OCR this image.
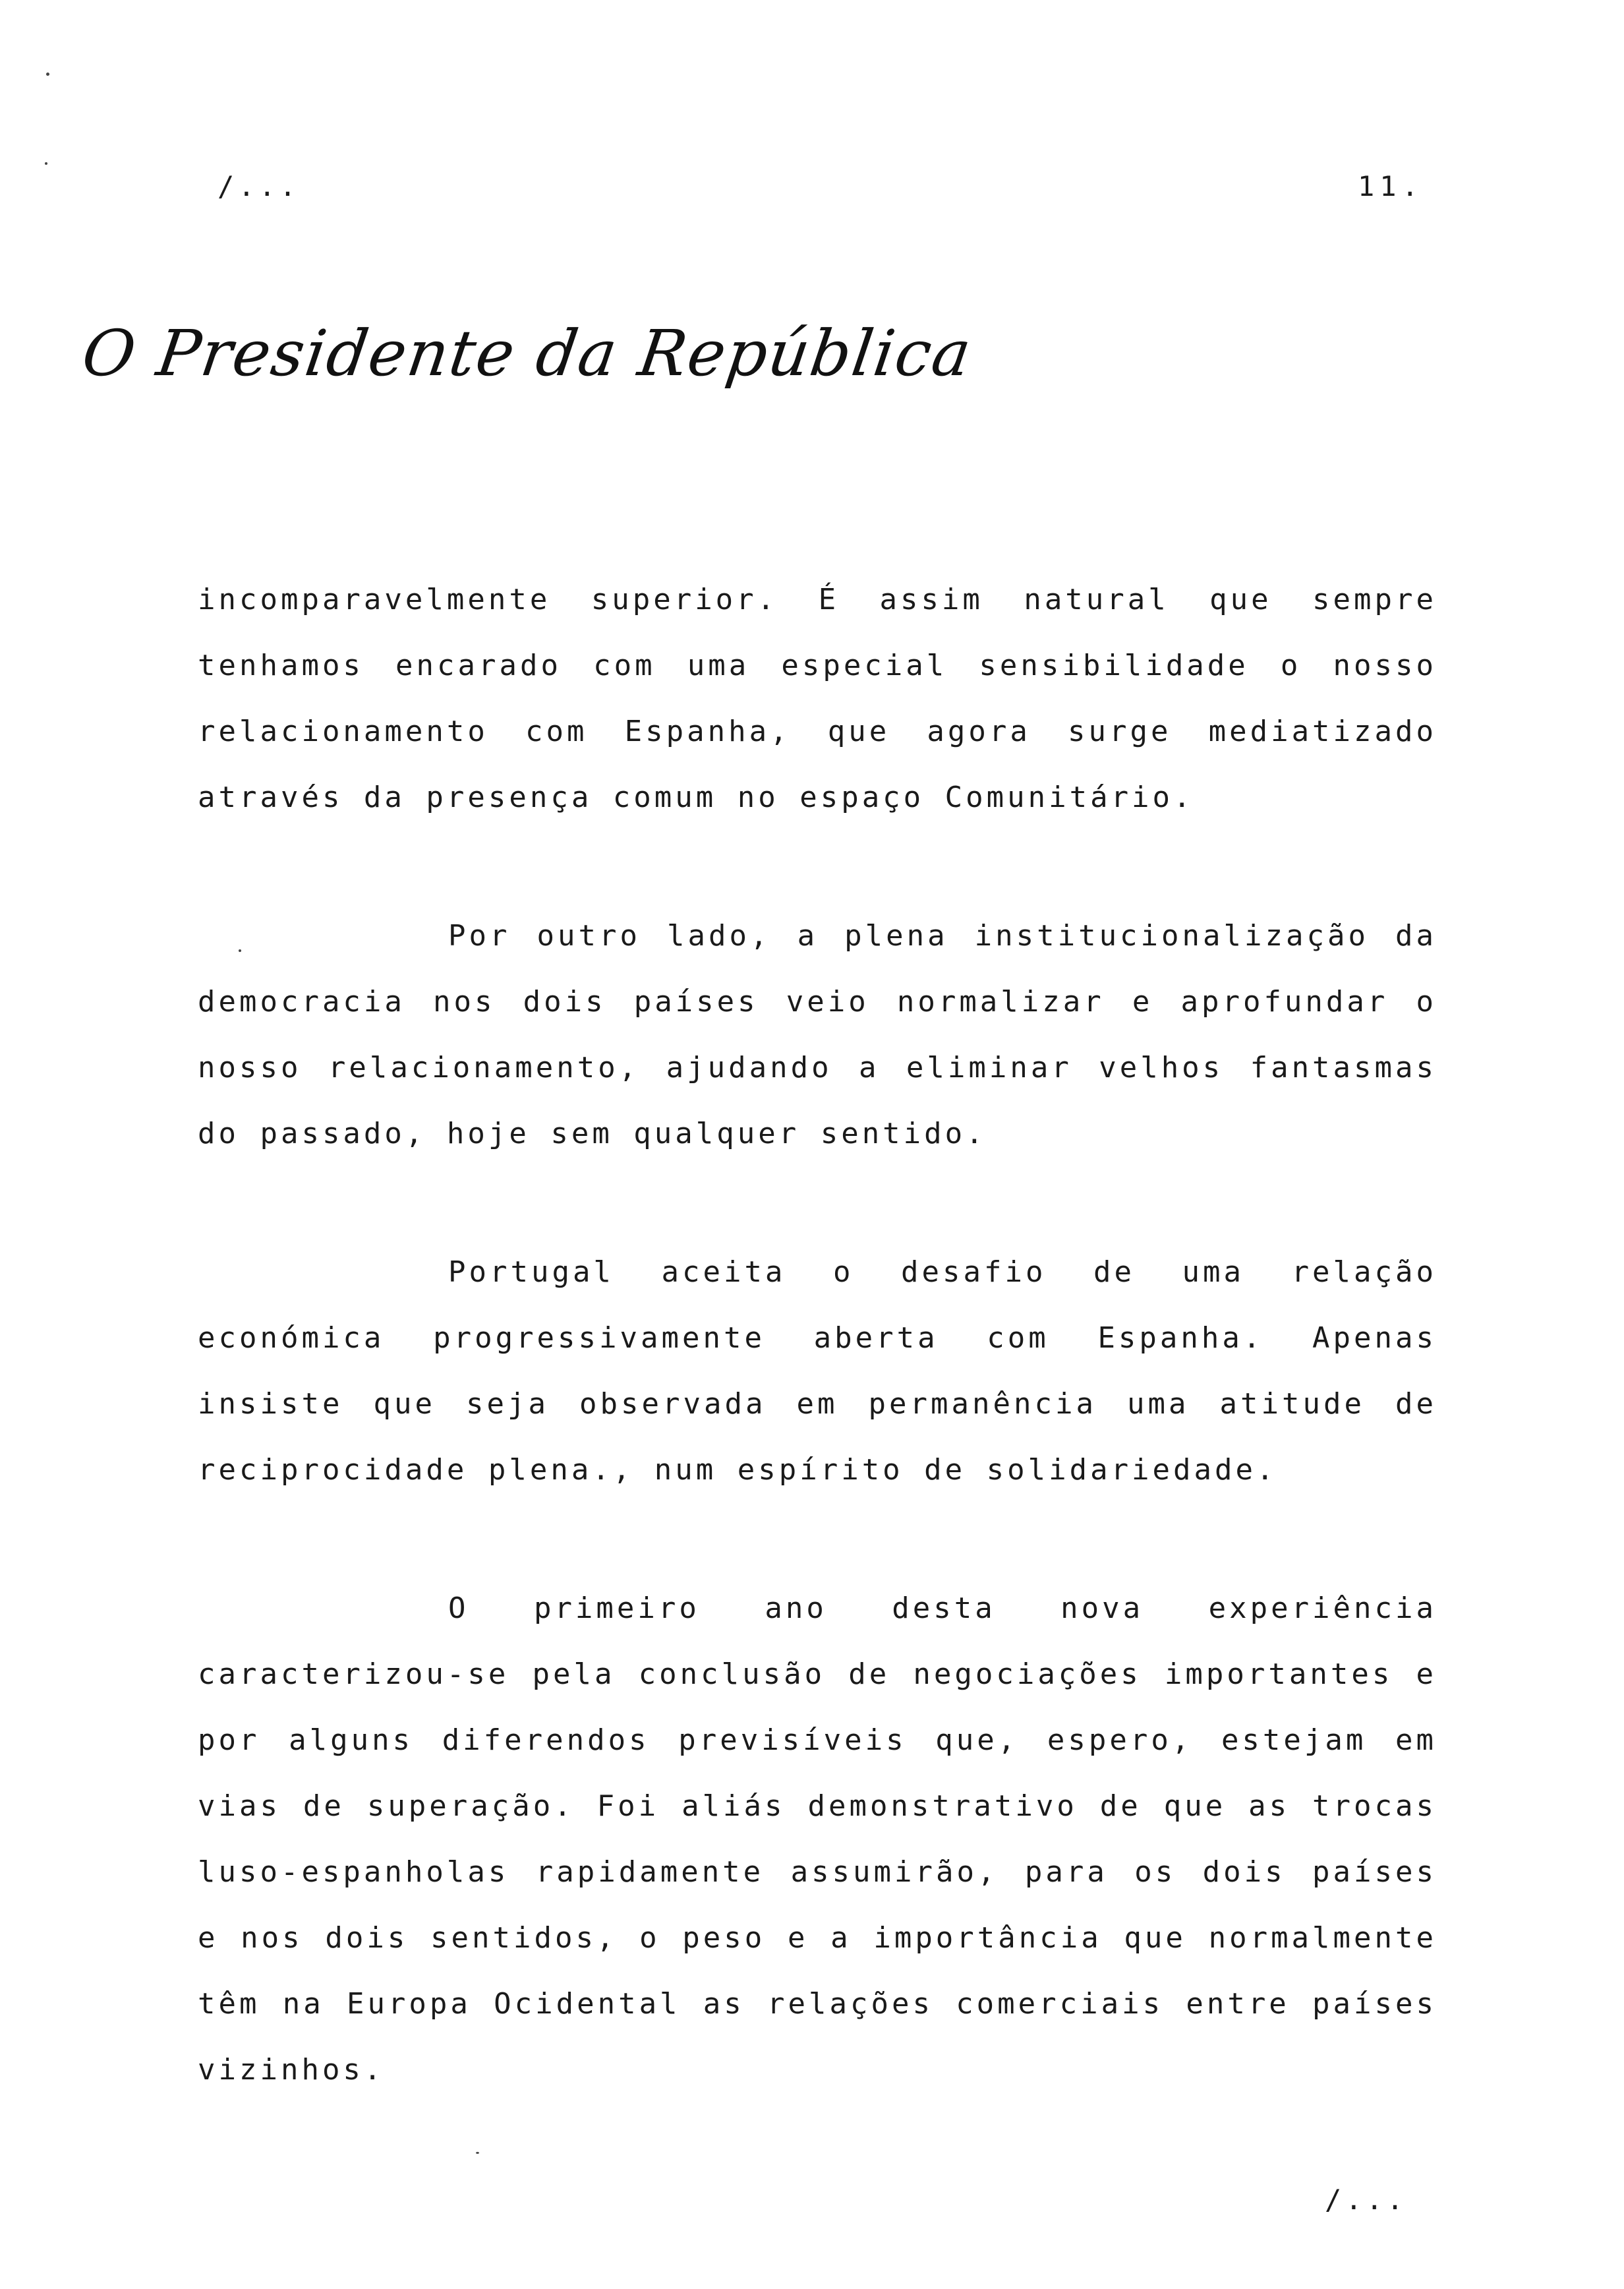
/...	11.
O Presidente da República

incomparavelmente superior. É assim natural que sempre tenhamos encarado com uma especial sensibilidade o nosso relacionamento com Espanha, que agora surge mediatizado através da presença comum no espaço Comunitário.

Por outro lado, a plena institucionalização da democracia nos dois países veio normalizar e aprofundar o nosso relacionamento, ajudando a eliminar velhos fantasmas do passado, hoje sem qualquer sentido.

Portugal aceita o desafio de uma relação económica progressivamente aberta com Espanha. Apenas insiste que seja observada em permanência uma atitude de reciprocidade plena., num espírito de solidariedade.

O primeiro ano desta nova experiência caracterizou-se pela conclusão de negociações importantes e por alguns diferendos previsíveis que, espero, estejam em vias de superação. Foi aliás demonstrativo de que as trocas luso-espanholas rapidamente assumirão, para os dois países e nos dois sentidos, o peso e a importância que normalmente têm na Europa Ocidental as relações comerciais entre países vizinhos.

/...
